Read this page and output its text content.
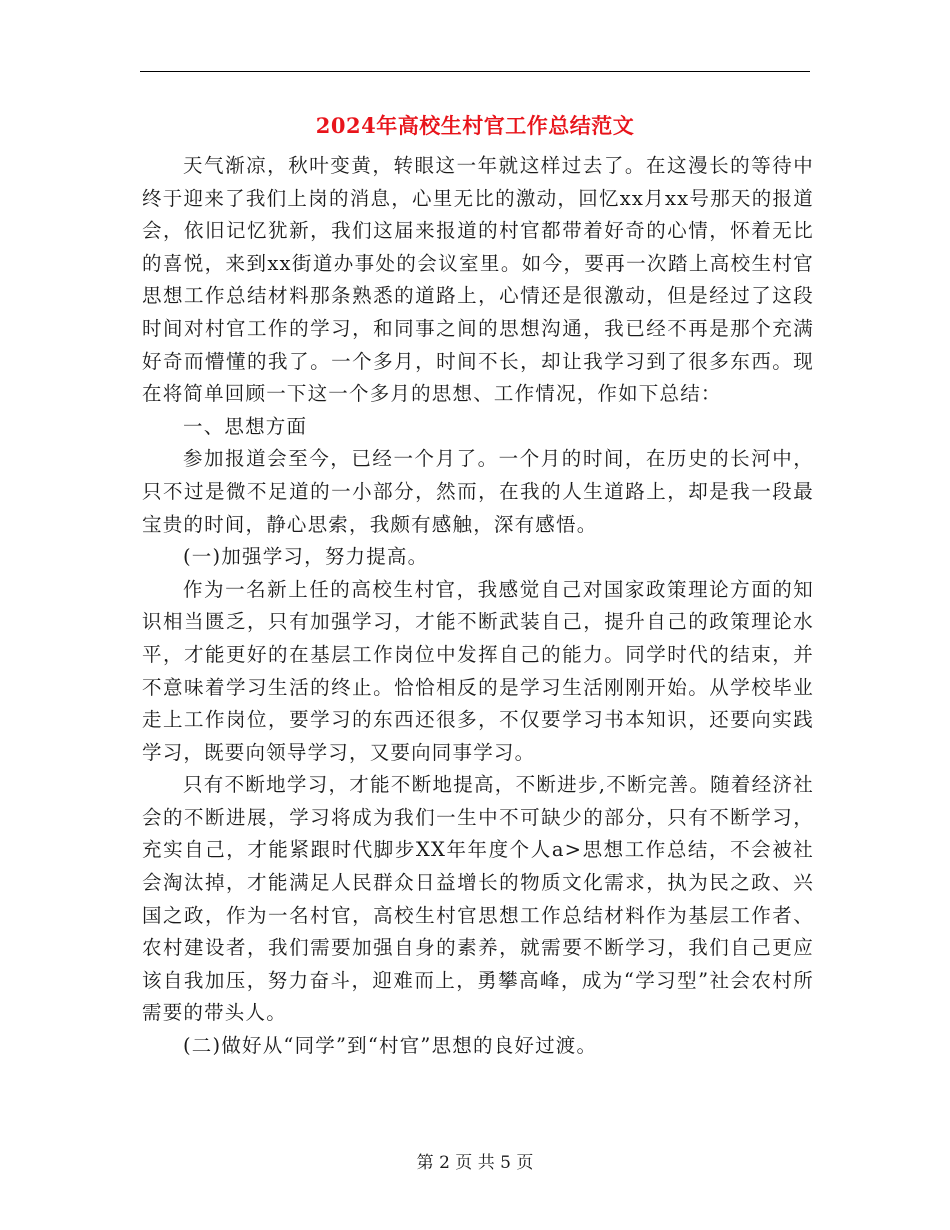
2024年高校生村官工作总结范文

天气渐凉，秋叶变黄，转眼这一年就这样过去了。在这漫长的等待中终于迎来了我们上岗的消息，心里无比的激动，回忆xx月xx号那天的报道会，依旧记忆犹新，我们这届来报道的村官都带着好奇的心情，怀着无比的喜悦，来到xx街道办事处的会议室里。如今，要再一次踏上高校生村官思想工作总结材料那条熟悉的道路上，心情还是很激动，但是经过了这段时间对村官工作的学习，和同事之间的思想沟通，我已经不再是那个充满好奇而懵懂的我了。一个多月，时间不长，却让我学习到了很多东西。现在将简单回顾一下这一个多月的思想、工作情况，作如下总结：

一、思想方面

参加报道会至今，已经一个月了。一个月的时间，在历史的长河中，只不过是微不足道的一小部分，然而，在我的人生道路上，却是我一段最宝贵的时间，静心思索，我颇有感触，深有感悟。

(一)加强学习，努力提高。

作为一名新上任的高校生村官，我感觉自己对国家政策理论方面的知识相当匮乏，只有加强学习，才能不断武装自己，提升自己的政策理论水平，才能更好的在基层工作岗位中发挥自己的能力。同学时代的结束，并不意味着学习生活的终止。恰恰相反的是学习生活刚刚开始。从学校毕业走上工作岗位，要学习的东西还很多，不仅要学习书本知识，还要向实践学习，既要向领导学习，又要向同事学习。

只有不断地学习，才能不断地提高，不断进步,不断完善。随着经济社会的不断进展，学习将成为我们一生中不可缺少的部分，只有不断学习，充实自己，才能紧跟时代脚步XX年年度个人a>思想工作总结，不会被社会淘汰掉，才能满足人民群众日益增长的物质文化需求，执为民之政、兴国之政，作为一名村官，高校生村官思想工作总结材料作为基层工作者、农村建设者，我们需要加强自身的素养，就需要不断学习，我们自己更应该自我加压，努力奋斗，迎难而上，勇攀高峰，成为“学习型”社会农村所需要的带头人。

(二)做好从“同学”到“村官”思想的良好过渡。

第 2 页 共 5 页
